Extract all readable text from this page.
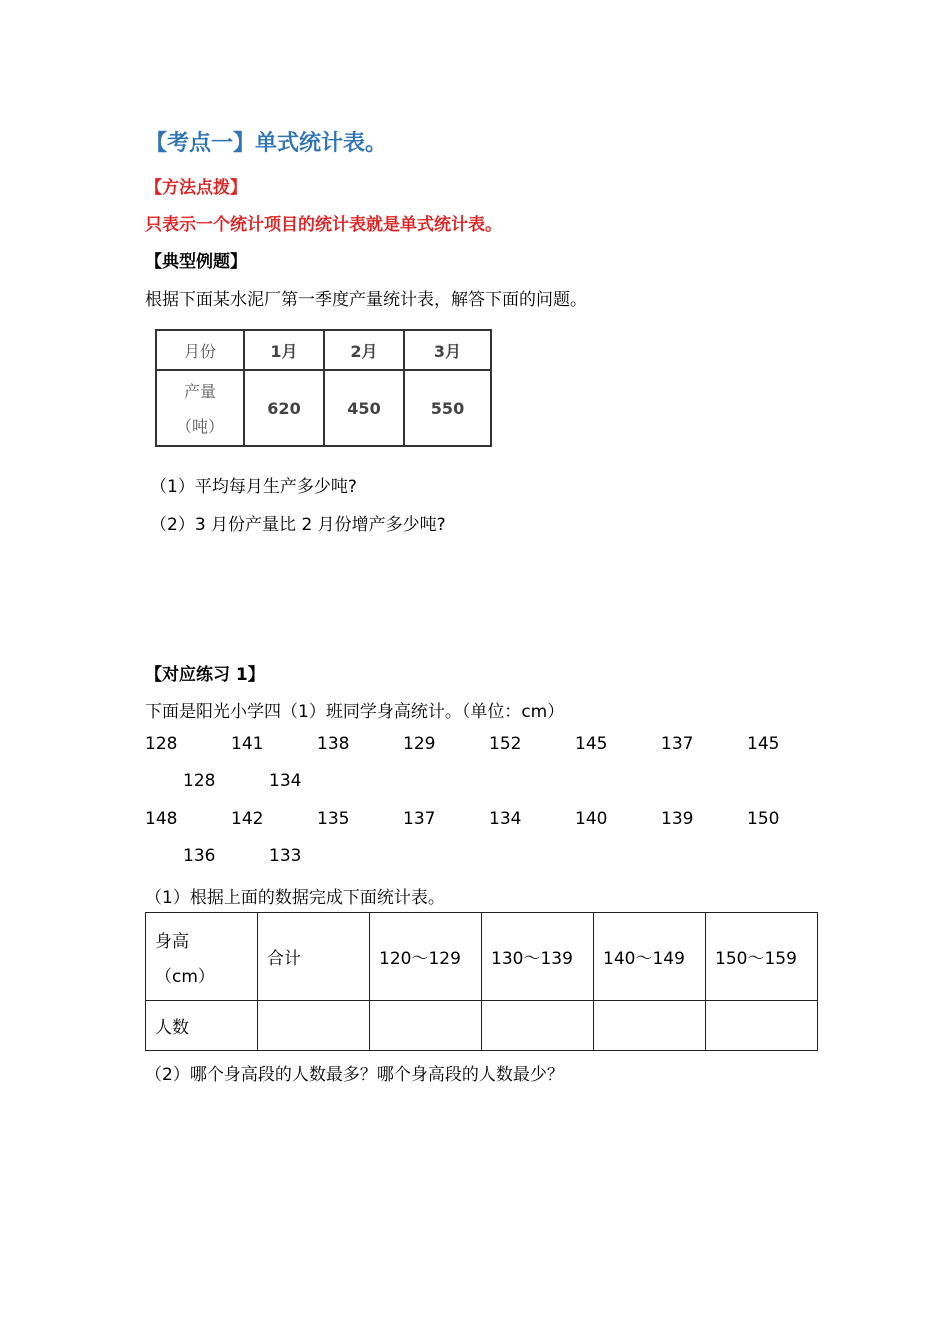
【考点一】单式统计表。
【方法点拨】
只表示一个统计项目的统计表就是单式统计表。
【典型例题】
根据下面某水泥厂第一季度产量统计表，解答下面的问题。
月份	1月	2月	3月

产量
（吨）	620	450	550
（1）平均每月生产多少吨?
（2）3 月份产量比 2 月份增产多少吨?
【对应练习 1】
下面是阳光小学四（1）班同学身高统计。（单位：cm）
128	141	138	129	152	145	137	145
128	134
148	142	135	137	134	140	139	150
136	133
（1）根据上面的数据完成下面统计表。
身高
（cm）	合计	120～129	130～139	140～149	150～159
人数					
（2）哪个身高段的人数最多？哪个身高段的人数最少？
